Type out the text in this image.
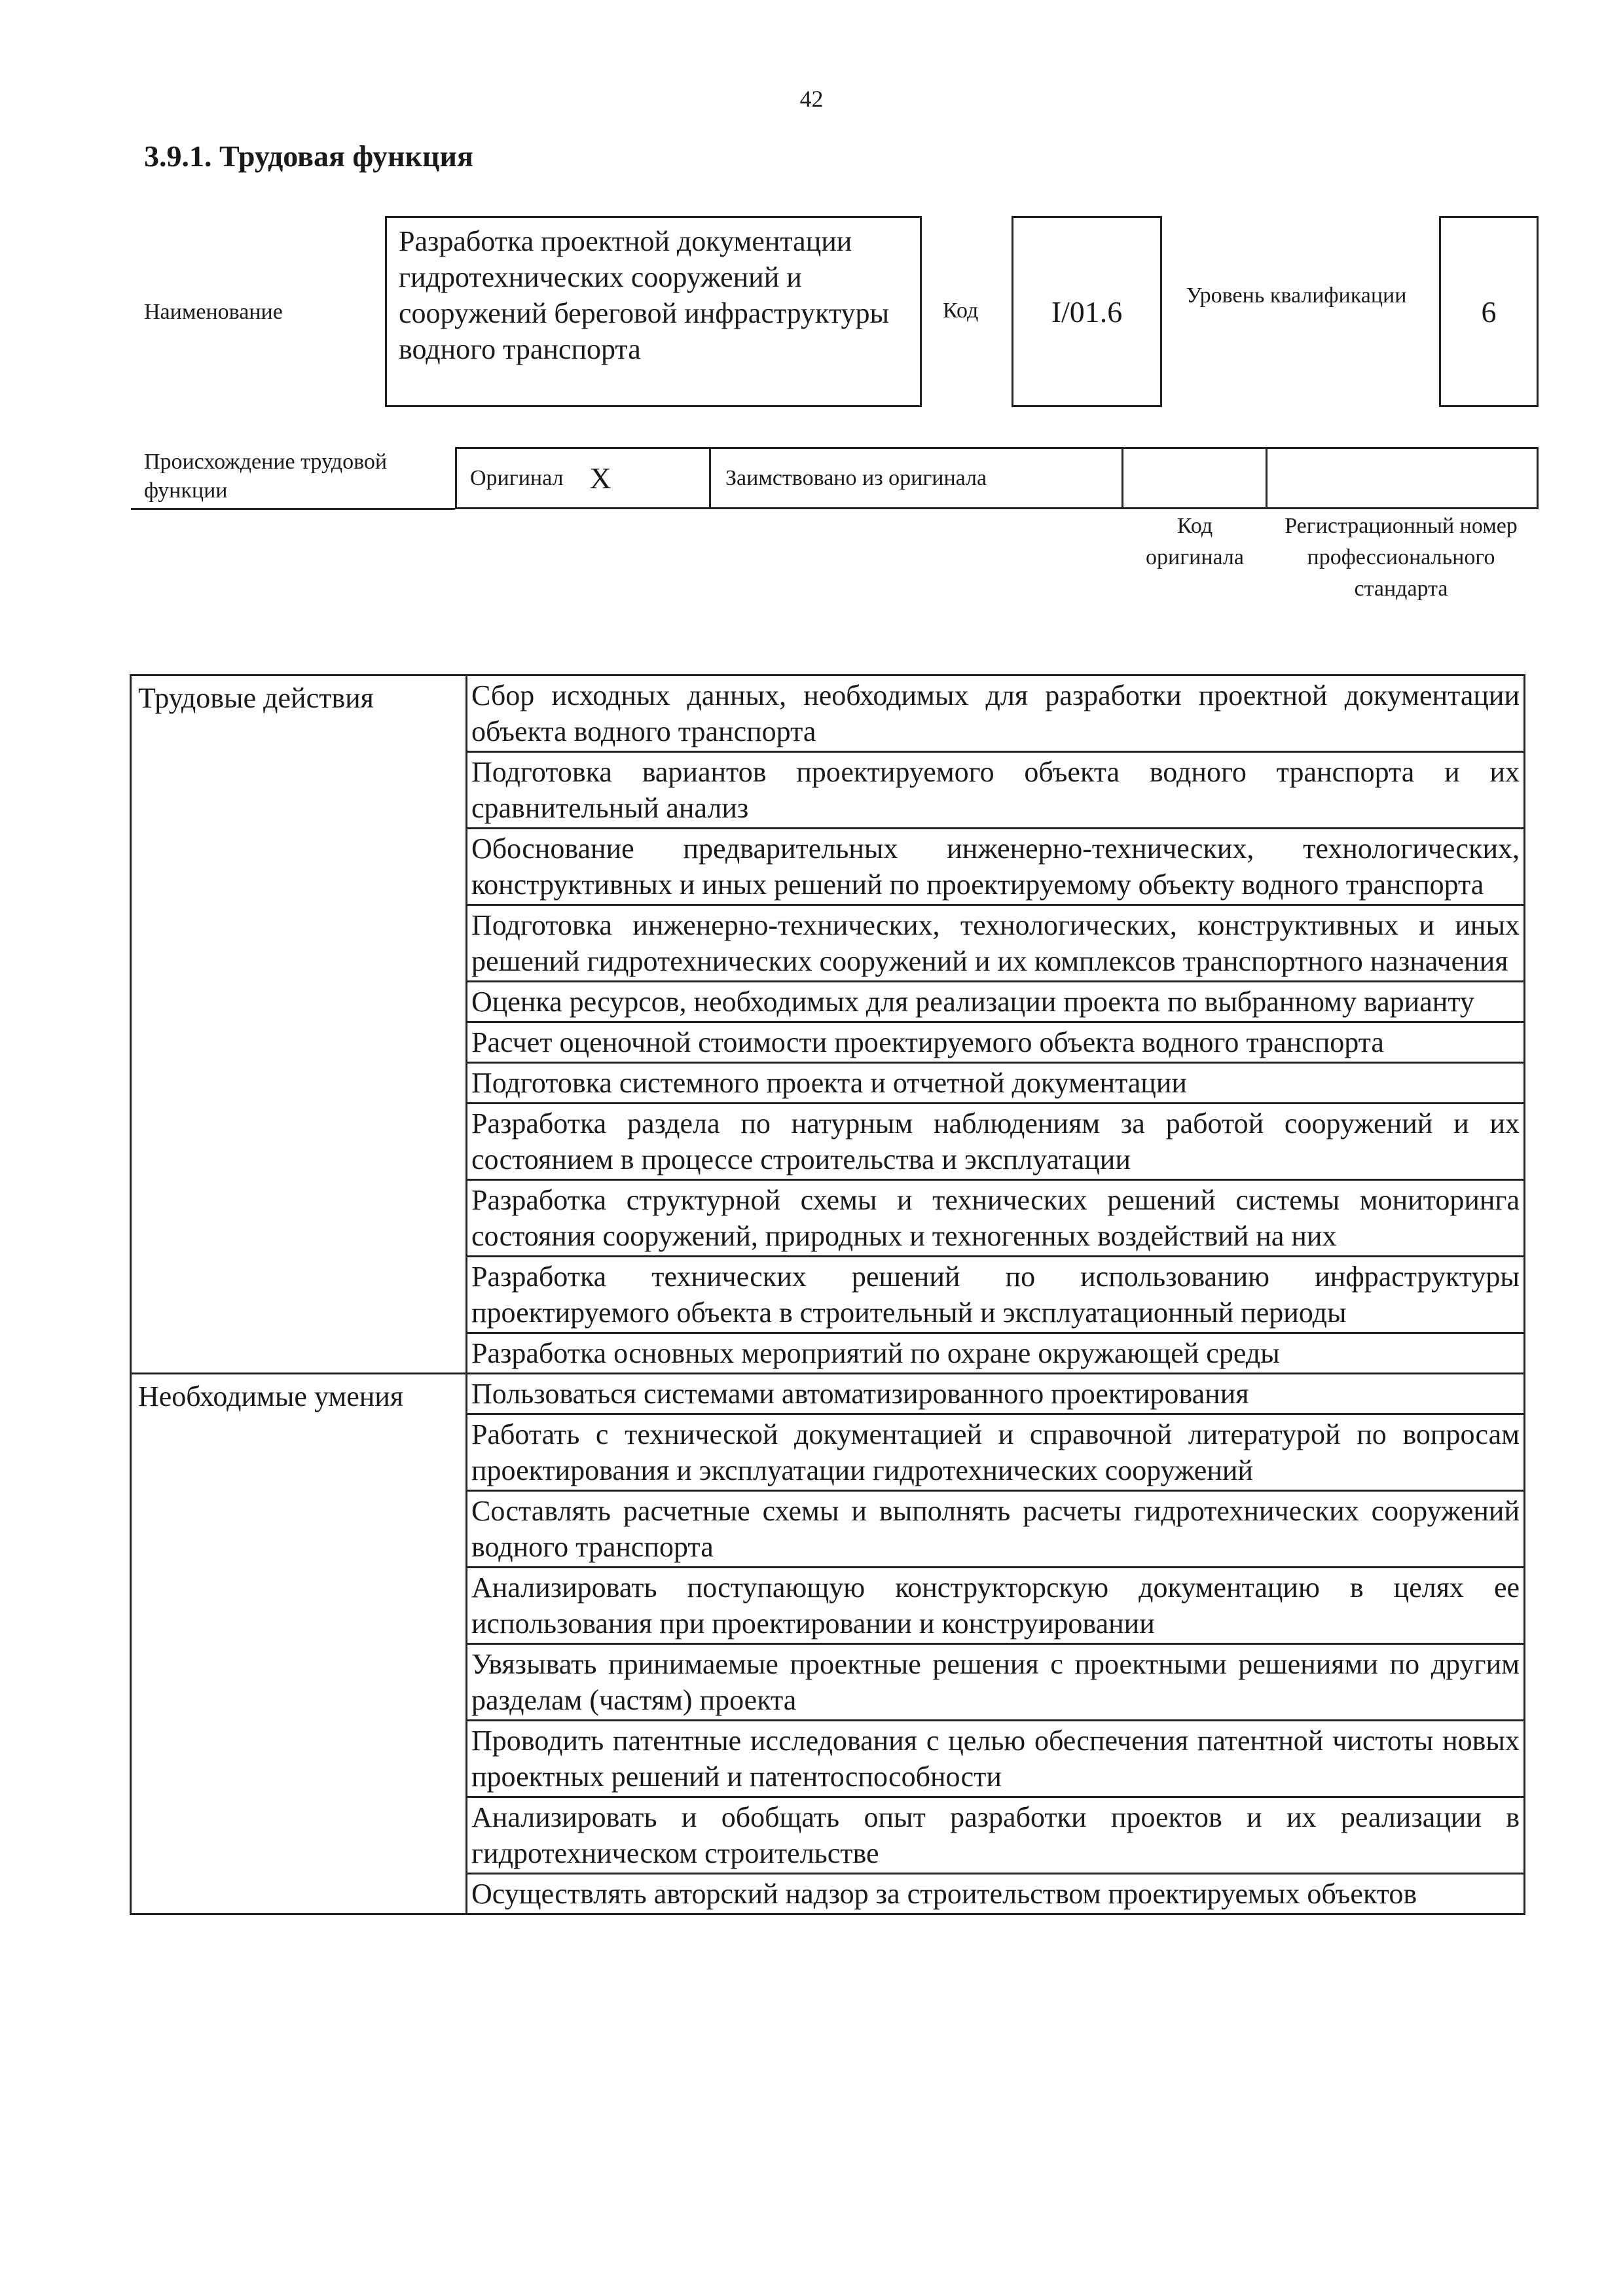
42
3.9.1. Трудовая функция
Наименование
Разработка проектной документации гидротехнических сооружений и сооружений береговой инфраструктуры водного транспорта
Код I/01.6	Уровень квалификации 6
Происхождение трудовой функции
Оригинал X	Заимствовано из оригинала
Код оригинала
Регистрационный номер профессионального стандарта
Трудовые действия	Сбор исходных данных, необходимых для разработки проектной документации объекта водного транспорта
	Подготовка вариантов проектируемого объекта водного транспорта и их сравнительный анализ
	Обоснование предварительных инженерно-технических, технологических, конструктивных и иных решений по проектируемому объекту водного транспорта
	Подготовка инженерно-технических, технологических, конструктивных и иных решений гидротехнических сооружений и их комплексов транспортного назначения
	Оценка ресурсов, необходимых для реализации проекта по выбранному варианту
	Расчет оценочной стоимости проектируемого объекта водного транспорта
	Подготовка системного проекта и отчетной документации
	Разработка раздела по натурным наблюдениям за работой сооружений и их состоянием в процессе строительства и эксплуатации
	Разработка структурной схемы и технических решений системы мониторинга состояния сооружений, природных и техногенных воздействий на них
	Разработка технических решений по использованию инфраструктуры проектируемого объекта в строительный и эксплуатационный периоды
	Разработка основных мероприятий по охране окружающей среды
Необходимые умения	Пользоваться системами автоматизированного проектирования
	Работать с технической документацией и справочной литературой по вопросам проектирования и эксплуатации гидротехнических сооружений
	Составлять расчетные схемы и выполнять расчеты гидротехнических сооружений водного транспорта
	Анализировать поступающую конструкторскую документацию в целях ее использования при проектировании и конструировании
	Увязывать принимаемые проектные решения с проектными решениями по другим разделам (частям) проекта
	Проводить патентные исследования с целью обеспечения патентной чистоты новых проектных решений и патентоспособности
	Анализировать и обобщать опыт разработки проектов и их реализации в гидротехническом строительстве
	Осуществлять авторский надзор за строительством проектируемых объектов
